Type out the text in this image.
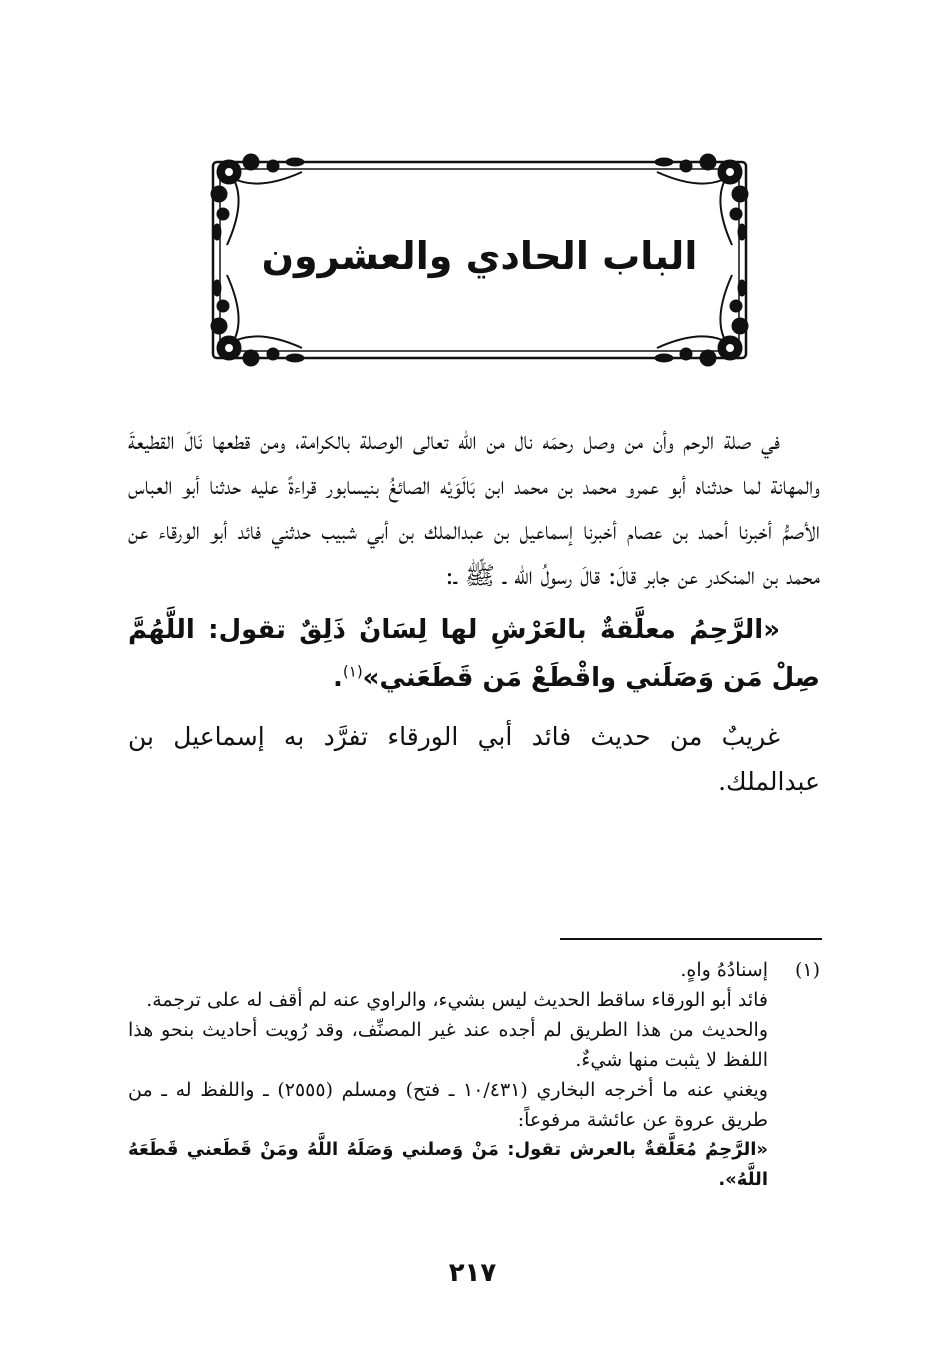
الباب الحادي والعشرون

في صلة الرحم وأن من وصل رحمَه نال من الله تعالى الوصلة بالكرامة، ومن قطعها نَالَ القطيعةَ والمهانة لما حدثناه أبو عمرو محمد بن محمد ابن بَالَوَيْه الصائغُ بنيسابور قراءةً عليه حدثنا أبو العباس الأصمُّ أخبرنا أحمد بن عصام أخبرنا إسماعيل بن عبدالملك بن أبي شبيب حدثني فائد أبو الورقاء عن محمد بن المنكدر عن جابر قالَ: قالَ رسولُ الله ـ ﷺ ـ:

«الرَّحِمُ معلَّقةٌ بالعَرْشِ لها لِسَانٌ ذَلِقٌ تقول: اللَّهُمَّ صِلْ مَن وَصَلَني واقْطَعْ مَن قَطَعَني»$^{(١)}$.

غريبٌ من حديث فائد أبي الورقاء تفرَّد به إسماعيل بن عبدالملك.

(١)
إسنادُهُ واهٍ.

فائد أبو الورقاء ساقط الحديث ليس بشيء، والراوي عنه لم أقف له على ترجمة.

والحديث من هذا الطريق لم أجده عند غير المصنِّف، وقد رُويت أحاديث بنحو هذا اللفظ لا يثبت منها شيءٌ.

ويغني عنه ما أخرجه البخاري (١٠/٤٣١ ـ فتح) ومسلم (٢٥٥٥) ـ واللفظ له ـ من طريق عروة عن عائشة مرفوعاً:

«الرَّحِمُ مُعَلَّقةٌ بالعرش تقول: مَنْ وَصلني وَصَلَهُ اللَّهُ ومَنْ قَطَعني قَطَعَهُ اللَّهُ».

٢١٧
